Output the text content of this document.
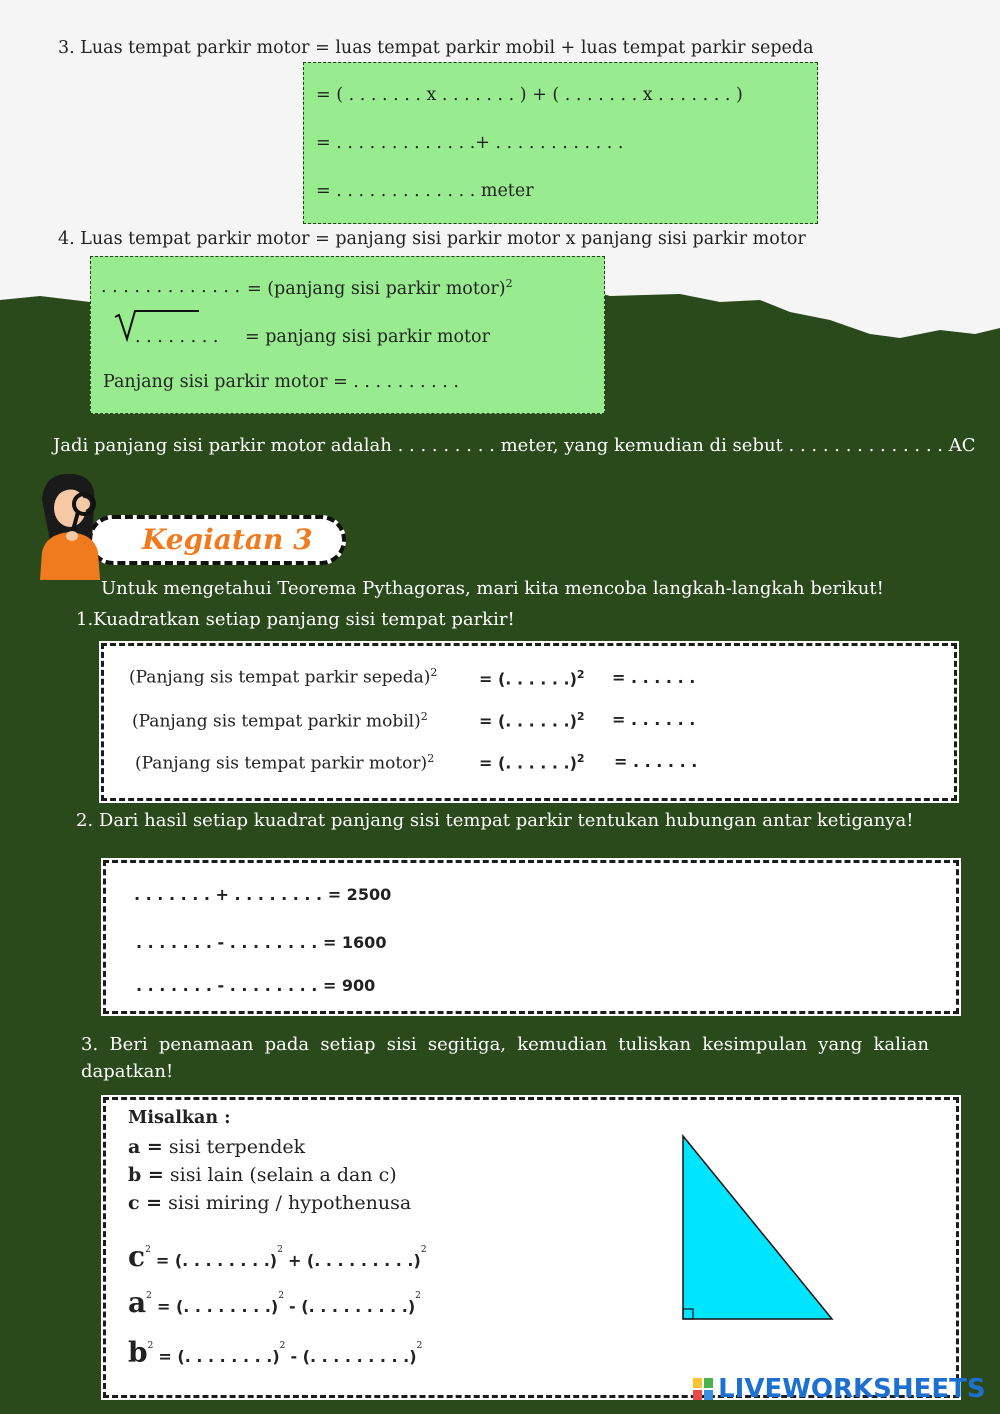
3. Luas tempat parkir motor = luas tempat parkir mobil + luas tempat parkir sepeda
= ( . . . . . . . x . . . . . . . ) + ( . . . . . . . x . . . . . . . )
= . . . . . . . . . . . . .+ . . . . . . . . . . . .
= . . . . . . . . . . . . . meter
4. Luas tempat parkir motor = panjang sisi parkir motor x panjang sisi parkir motor
. . . . . . . . . . . . . = (panjang sisi parkir motor)$^2$
. . . . . . . . = panjang sisi parkir motor
Panjang sisi parkir motor = . . . . . . . . . .
Jadi panjang sisi parkir motor adalah . . . . . . . . . meter, yang kemudian di sebut . . . . . . . . . . . . . . AC
Kegiatan 3
Untuk mengetahui Teorema Pythagoras, mari kita mencoba langkah-langkah berikut!
1.Kuadratkan setiap panjang sisi tempat parkir!
(Panjang sis tempat parkir sepeda)$^2$	= (. . . . . .)$^2$ = . . . . . .
(Panjang sis tempat parkir mobil)$^2$	= (. . . . . .)$^2$ = . . . . . .
(Panjang sis tempat parkir motor)$^2$	= (. . . . . .)$^2$ = . . . . . .
2. Dari hasil setiap kuadrat panjang sisi tempat parkir tentukan hubungan antar ketiganya!
. . . . . . . + . . . . . . . . = 2500
. . . . . . . - . . . . . . . . = 1600
. . . . . . . - . . . . . . . . = 900
3. Beri penamaan pada setiap sisi segitiga, kemudian tuliskan kesimpulan yang kalian dapatkan!
Misalkan :
a = sisi terpendek
b = sisi lain (selain a dan c)
c = sisi miring / hypothenusa
$c^2$ = (. . . . . . . .)$^2$ + (. . . . . . . . .)$^2$
$a^2$ = (. . . . . . . .)$^2$ - (. . . . . . . . .)$^2$
$b^2$ = (. . . . . . . .)$^2$ - (. . . . . . . . .)$^2$
LIVEWORKSHEETS
